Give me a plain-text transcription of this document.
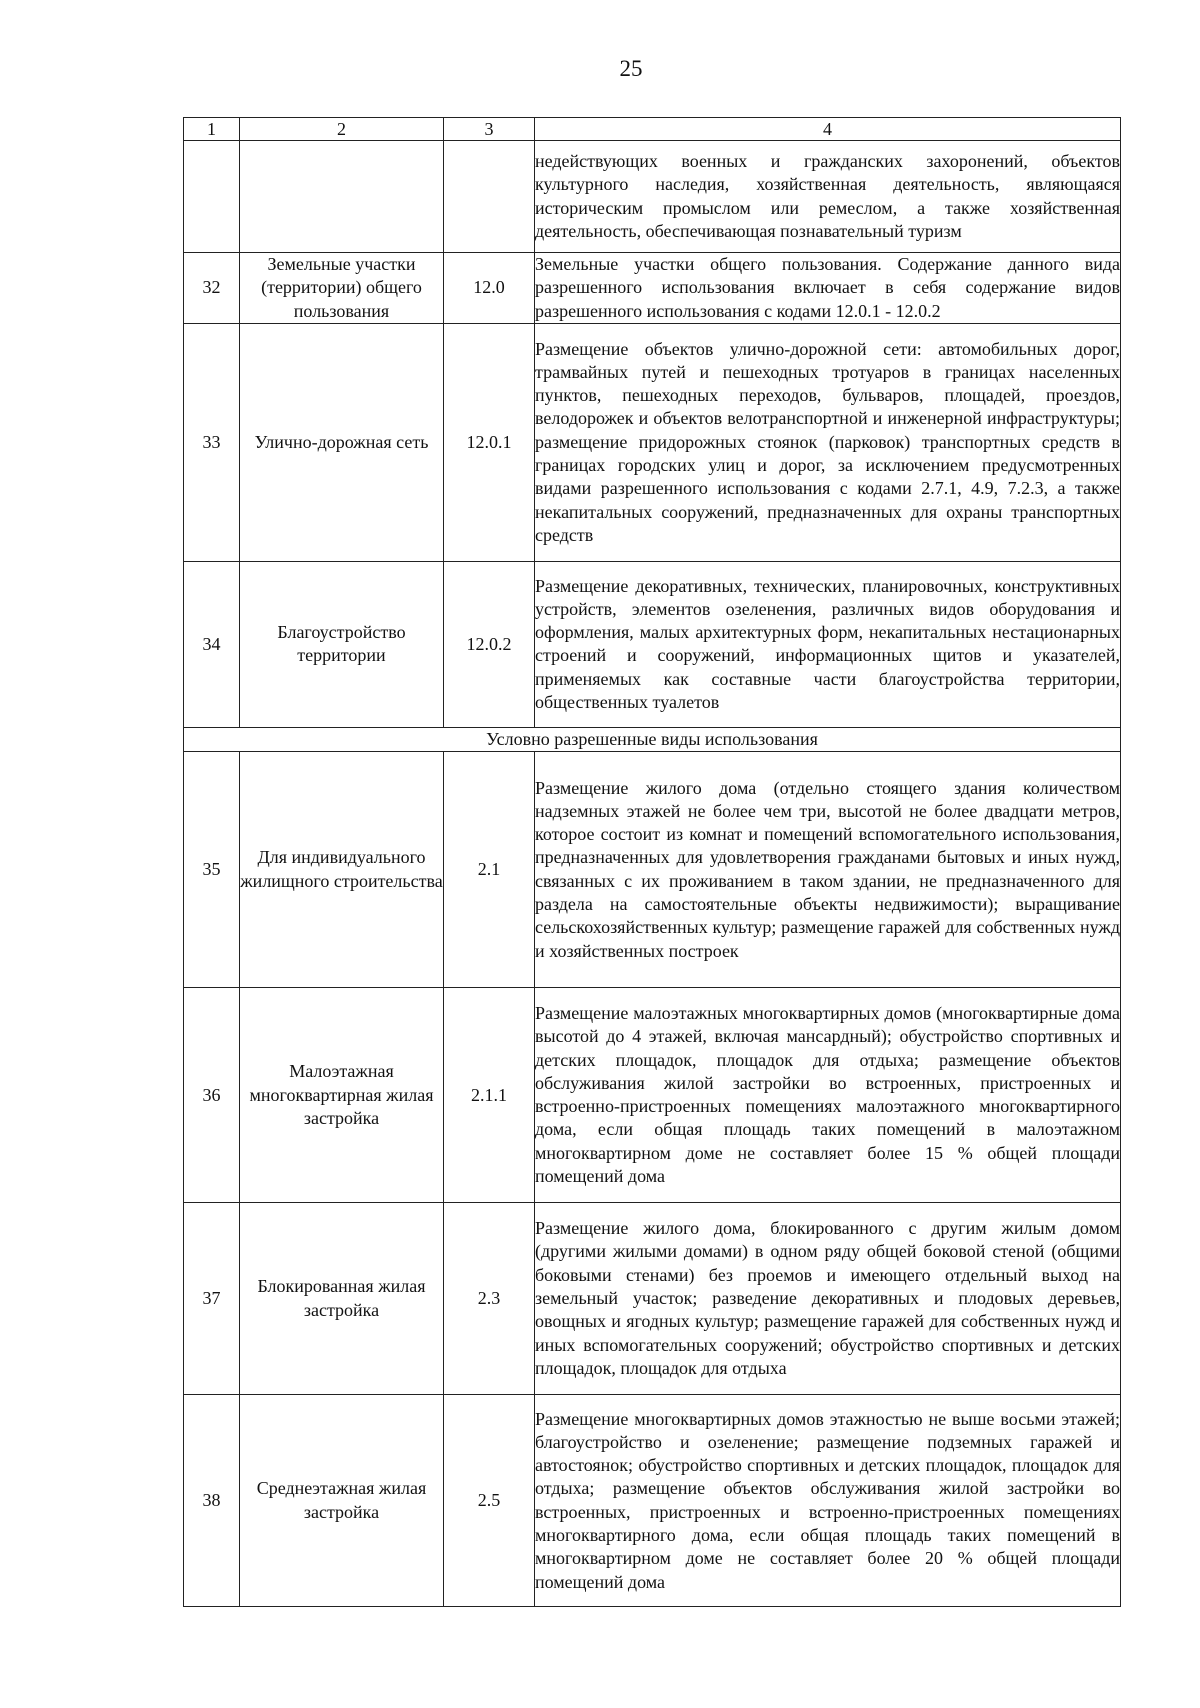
25
1	2	3	4
			недействующих военных и гражданских захоронений, объектов культурного наследия, хозяйственная деятельность, являющаяся историческим промыслом или ремеслом, а также хозяйственная деятельность, обеспечивающая познавательный туризм
32	Земельные участки (территории) общего пользования	12.0	Земельные участки общего пользования. Содержание данного вида разрешенного использования включает в себя содержание видов разрешенного использования с кодами 12.0.1 - 12.0.2
33	Улично-дорожная сеть	12.0.1	Размещение объектов улично-дорожной сети: автомобильных дорог, трамвайных путей и пешеходных тротуаров в границах населенных пунктов, пешеходных переходов, бульваров, площадей, проездов, велодорожек и объектов велотранспортной и инженерной инфраструктуры; размещение придорожных стоянок (парковок) транспортных средств в границах городских улиц и дорог, за исключением предусмотренных видами разрешенного использования с кодами 2.7.1, 4.9, 7.2.3, а также некапитальных сооружений, предназначенных для охраны транспортных средств
34	Благоустройство территории	12.0.2	Размещение декоративных, технических, планировочных, конструктивных устройств, элементов озеленения, различных видов оборудования и оформления, малых архитектурных форм, некапитальных нестационарных строений и сооружений, информационных щитов и указателей, применяемых как составные части благоустройства территории, общественных туалетов
Условно разрешенные виды использования			
35	Для индивидуального жилищного строительства	2.1	Размещение жилого дома (отдельно стоящего здания количеством надземных этажей не более чем три, высотой не более двадцати метров, которое состоит из комнат и помещений вспомогательного использования, предназначенных для удовлетворения гражданами бытовых и иных нужд, связанных с их проживанием в таком здании, не предназначенного для раздела на самостоятельные объекты недвижимости); выращивание сельскохозяйственных культур; размещение гаражей для собственных нужд и хозяйственных построек
36	Малоэтажная многоквартирная жилая застройка	2.1.1	Размещение малоэтажных многоквартирных домов (многоквартирные дома высотой до 4 этажей, включая мансардный); обустройство спортивных и детских площадок, площадок для отдыха; размещение объектов обслуживания жилой застройки во встроенных, пристроенных и встроенно-пристроенных помещениях малоэтажного многоквартирного дома, если общая площадь таких помещений в малоэтажном многоквартирном доме не составляет более 15 % общей площади помещений дома
37	Блокированная жилая застройка	2.3	Размещение жилого дома, блокированного с другим жилым домом (другими жилыми домами) в одном ряду общей боковой стеной (общими боковыми стенами) без проемов и имеющего отдельный выход на земельный участок; разведение декоративных и плодовых деревьев, овощных и ягодных культур; размещение гаражей для собственных нужд и иных вспомогательных сооружений; обустройство спортивных и детских площадок, площадок для отдыха
38	Среднеэтажная жилая застройка	2.5	Размещение многоквартирных домов этажностью не выше восьми этажей; благоустройство и озеленение; размещение подземных гаражей и автостоянок; обустройство спортивных и детских площадок, площадок для отдыха; размещение объектов обслуживания жилой застройки во встроенных, пристроенных и встроенно-пристроенных помещениях многоквартирного дома, если общая площадь таких помещений в многоквартирном доме не составляет более 20 % общей площади помещений дома
